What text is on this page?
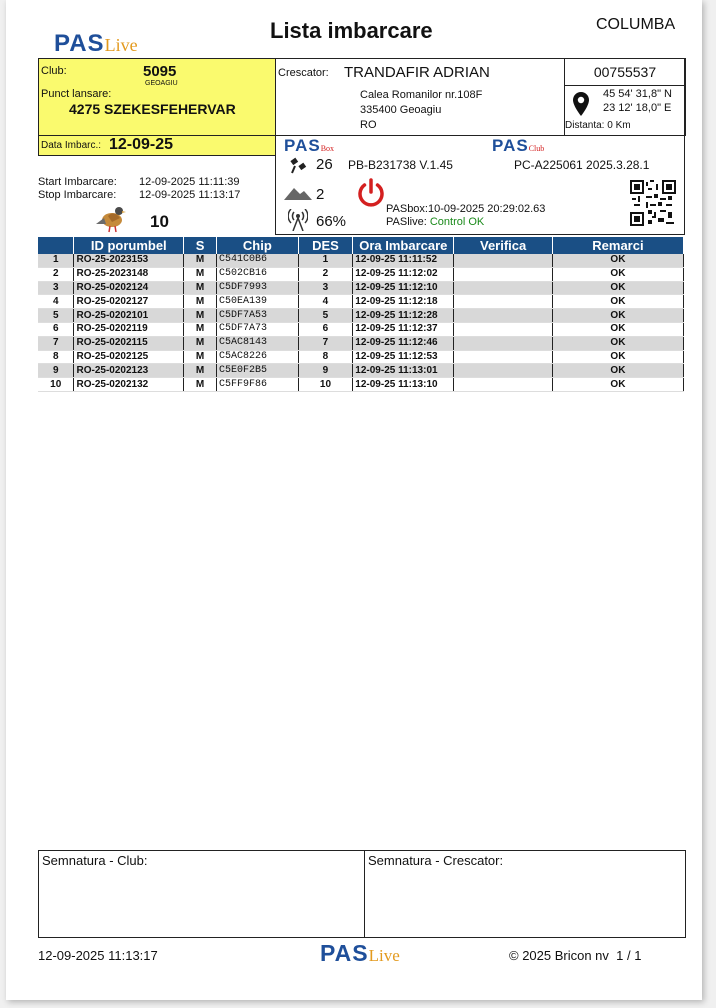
PASLive
Lista imbarcare	COLUMBA
Club:	5095
GEOAGIU
Punct lansare:
4275 SZEKESFEHERVAR
Data Imbarc.: 12-09-25
Crescator: TRANDAFIR ADRIAN
Calea Romanilor nr.108F
335400 Geoagiu
RO
00755537
45 54' 31,8" N
23 12' 18,0" E
Distanta: 0 Km
PASBox	PASClub
26 PB-B231738 V.1.45	PC-A225061 2025.3.28.1
2
66%
PASbox:10-09-2025 20:29:02.63
PASlive: Control OK
Start Imbarcare: 12-09-2025 11:11:39
Stop Imbarcare: 12-09-2025 11:13:17
10
	ID porumbel	S	Chip	DES	Ora Imbarcare	Verifica	Remarci
1	RO-25-2023153	M	C541C0B6	1	12-09-25 11:11:52		OK
2	RO-25-2023148	M	C502CB16	2	12-09-25 11:12:02		OK
3	RO-25-0202124	M	C5DF7993	3	12-09-25 11:12:10		OK
4	RO-25-0202127	M	C50EA139	4	12-09-25 11:12:18		OK
5	RO-25-0202101	M	C5DF7A53	5	12-09-25 11:12:28		OK
6	RO-25-0202119	M	C5DF7A73	6	12-09-25 11:12:37		OK
7	RO-25-0202115	M	C5AC8143	7	12-09-25 11:12:46		OK
8	RO-25-0202125	M	C5AC8226	8	12-09-25 11:12:53		OK
9	RO-25-0202123	M	C5E0F2B5	9	12-09-25 11:13:01		OK
10	RO-25-0202132	M	C5FF9F86	10	12-09-25 11:13:10		OK
Semnatura - Club:	Semnatura - Crescator:
12-09-2025 11:13:17	PASLive	© 2025 Bricon nv 1 / 1
